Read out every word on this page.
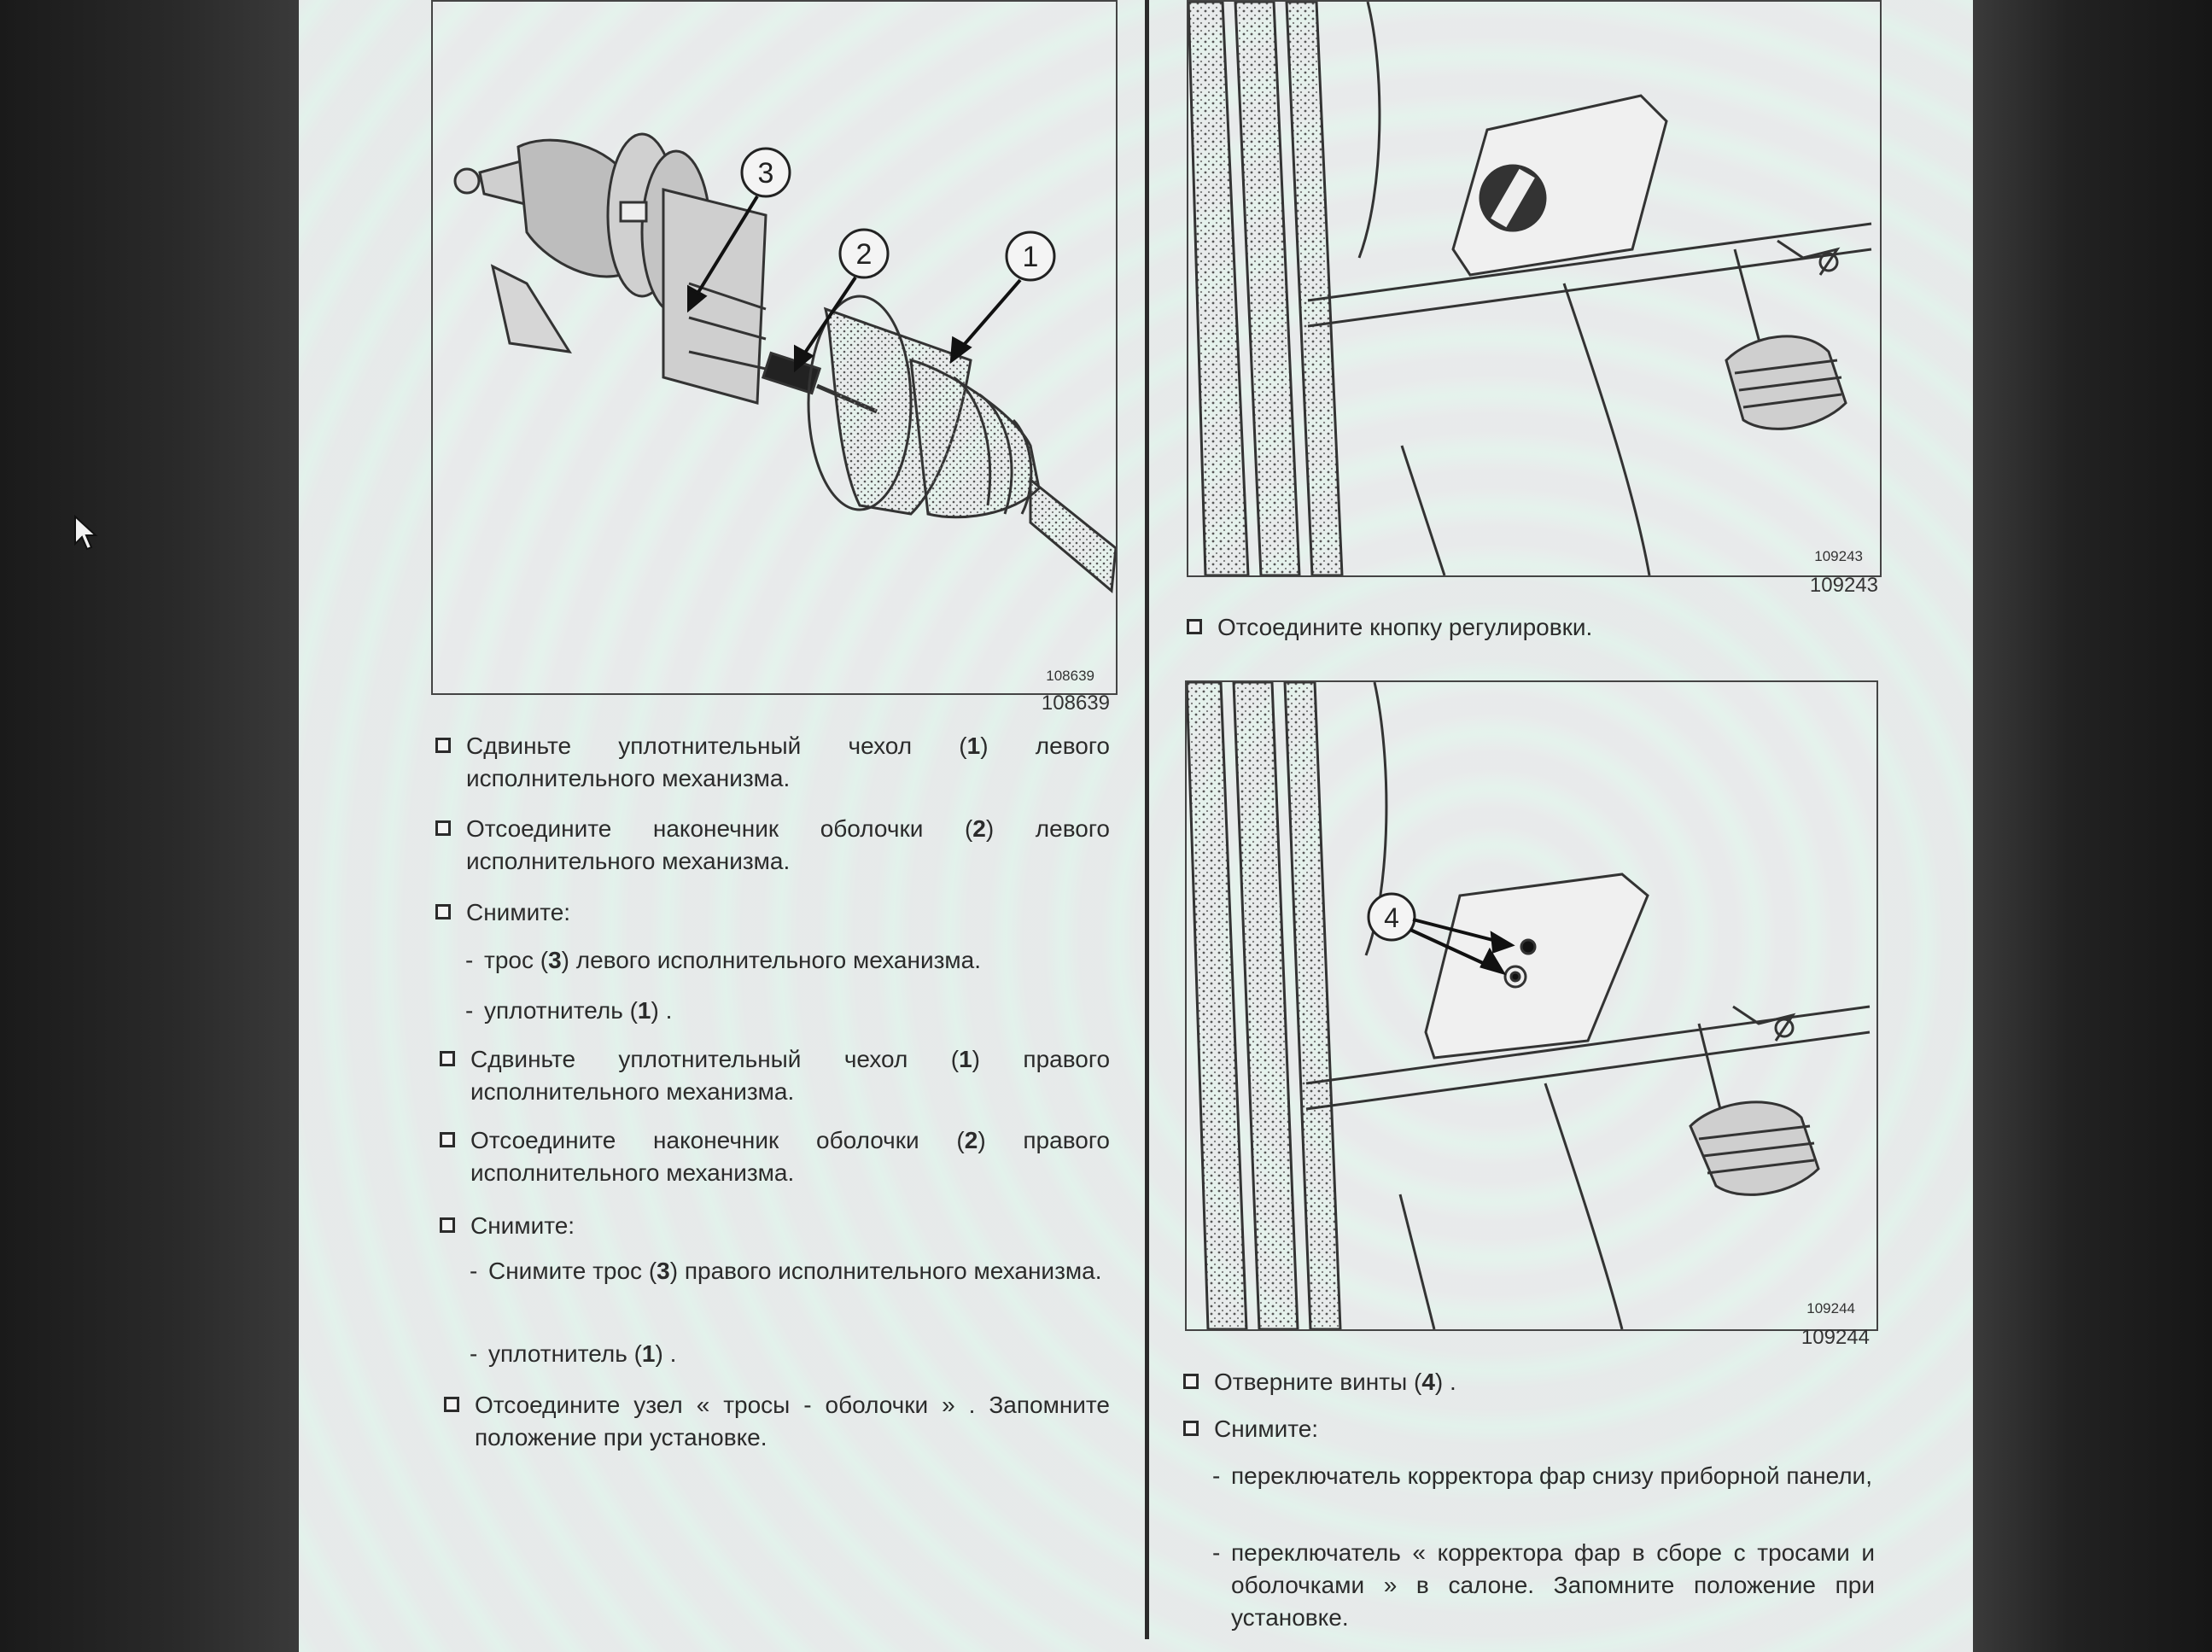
3
2	1
108639
108639
Сдвиньте уплотнительный чехол (1) левого исполнительного механизма.
Отсоедините наконечник оболочки (2) левого исполнительного механизма.
Снимите:
- трос (3) левого исполнительного механизма.
- уплотнитель (1) .
Сдвиньте уплотнительный чехол (1) правого исполнительного механизма.
Отсоедините наконечник оболочки (2) правого исполнительного механизма.
Снимите:
- Снимите трос (3) правого исполнительного механизма.
- уплотнитель (1) .
Отсоедините узел « тросы - оболочки » . Запомните положение при установке.
109243
109243
Отсоедините кнопку регулировки.
4
109244
109244
Отверните винты (4) .
Снимите:
- переключатель корректора фар снизу приборной панели,
- переключатель « корректора фар в сборе с тросами и оболочками » в салоне. Запомните положение при установке.
